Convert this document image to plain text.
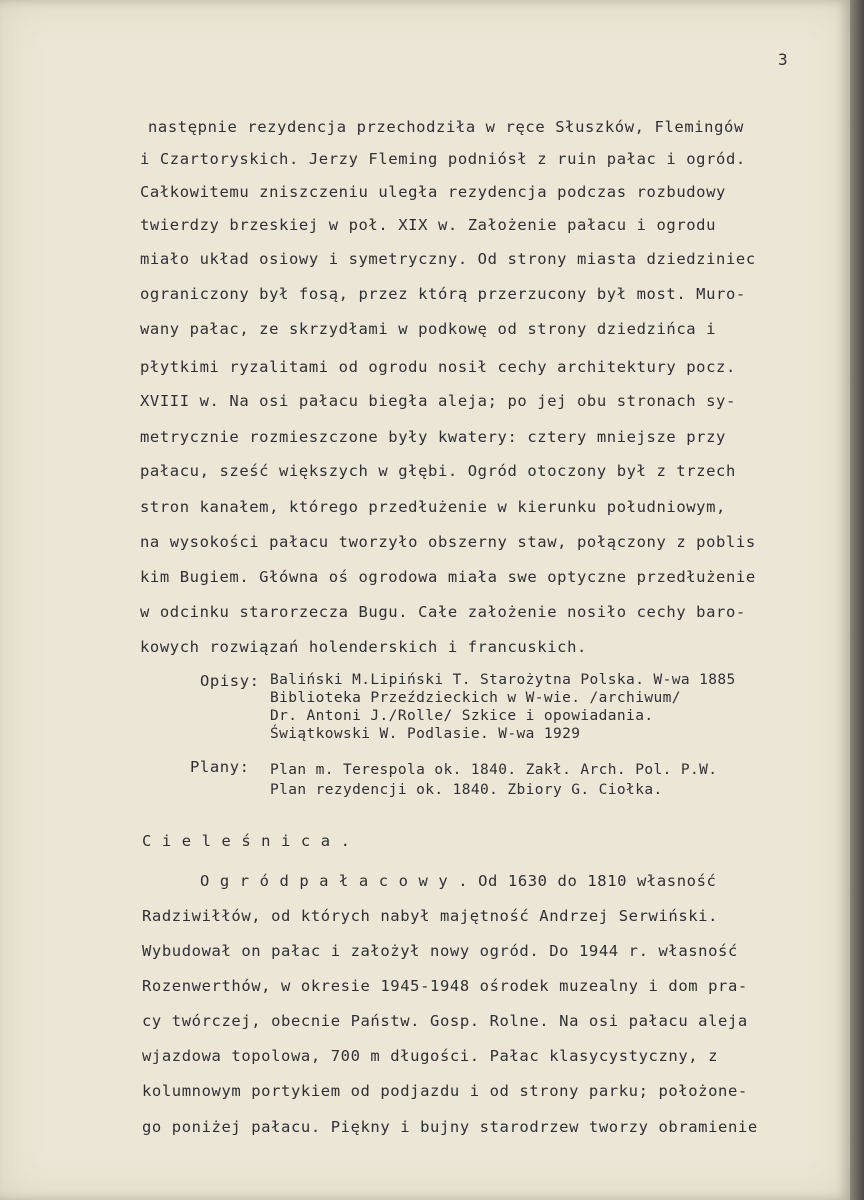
3
następnie rezydencja przechodziła w ręce Słuszków, Flemingów
i Czartoryskich. Jerzy Fleming podniósł z ruin pałac i ogród.
Całkowitemu zniszczeniu uległa rezydencja podczas rozbudowy
twierdzy brzeskiej w poł. XIX w. Założenie pałacu i ogrodu
miało układ osiowy i symetryczny. Od strony miasta dziedziniec
ograniczony był fosą, przez którą przerzucony był most. Muro-
wany pałac, ze skrzydłami w podkowę od strony dziedzińca i
płytkimi ryzalitami od ogrodu nosił cechy architektury pocz.
XVIII w. Na osi pałacu biegła aleja; po jej obu stronach sy-
metrycznie rozmieszczone były kwatery: cztery mniejsze przy
pałacu, sześć większych w głębi. Ogród otoczony był z trzech
stron kanałem, którego przedłużenie w kierunku południowym,
na wysokości pałacu tworzyło obszerny staw, połączony z poblis
kim Bugiem. Główna oś ogrodowa miała swe optyczne przedłużenie
w odcinku starorzecza Bugu. Całe założenie nosiło cechy baro-
kowych rozwiązań holenderskich i francuskich.
Opisy: Baliński M.Lipiński T. Starożytna Polska. W-wa 1885
Biblioteka Przeździeckich w W-wie. /archiwum/
Dr. Antoni J./Rolle/ Szkice i opowiadania.
Świątkowski W. Podlasie. W-wa 1929
Plany: Plan m. Terespola ok. 1840. Zakł. Arch. Pol. P.W.
Plan rezydencji ok. 1840. Zbiory G. Ciołka.
C i e l e ś n i c a .
O g r ó d p a ł a c o w y . Od 1630 do 1810 własność
Radziwiłłów, od których nabył majętność Andrzej Serwiński.
Wybudował on pałac i założył nowy ogród. Do 1944 r. własność
Rozenwerthów, w okresie 1945-1948 ośrodek muzealny i dom pra-
cy twórczej, obecnie Państw. Gosp. Rolne. Na osi pałacu aleja
wjazdowa topolowa, 700 m długości. Pałac klasycystyczny, z
kolumnowym portykiem od podjazdu i od strony parku; położone-
go poniżej pałacu. Piękny i bujny starodrzew tworzy obramienie
